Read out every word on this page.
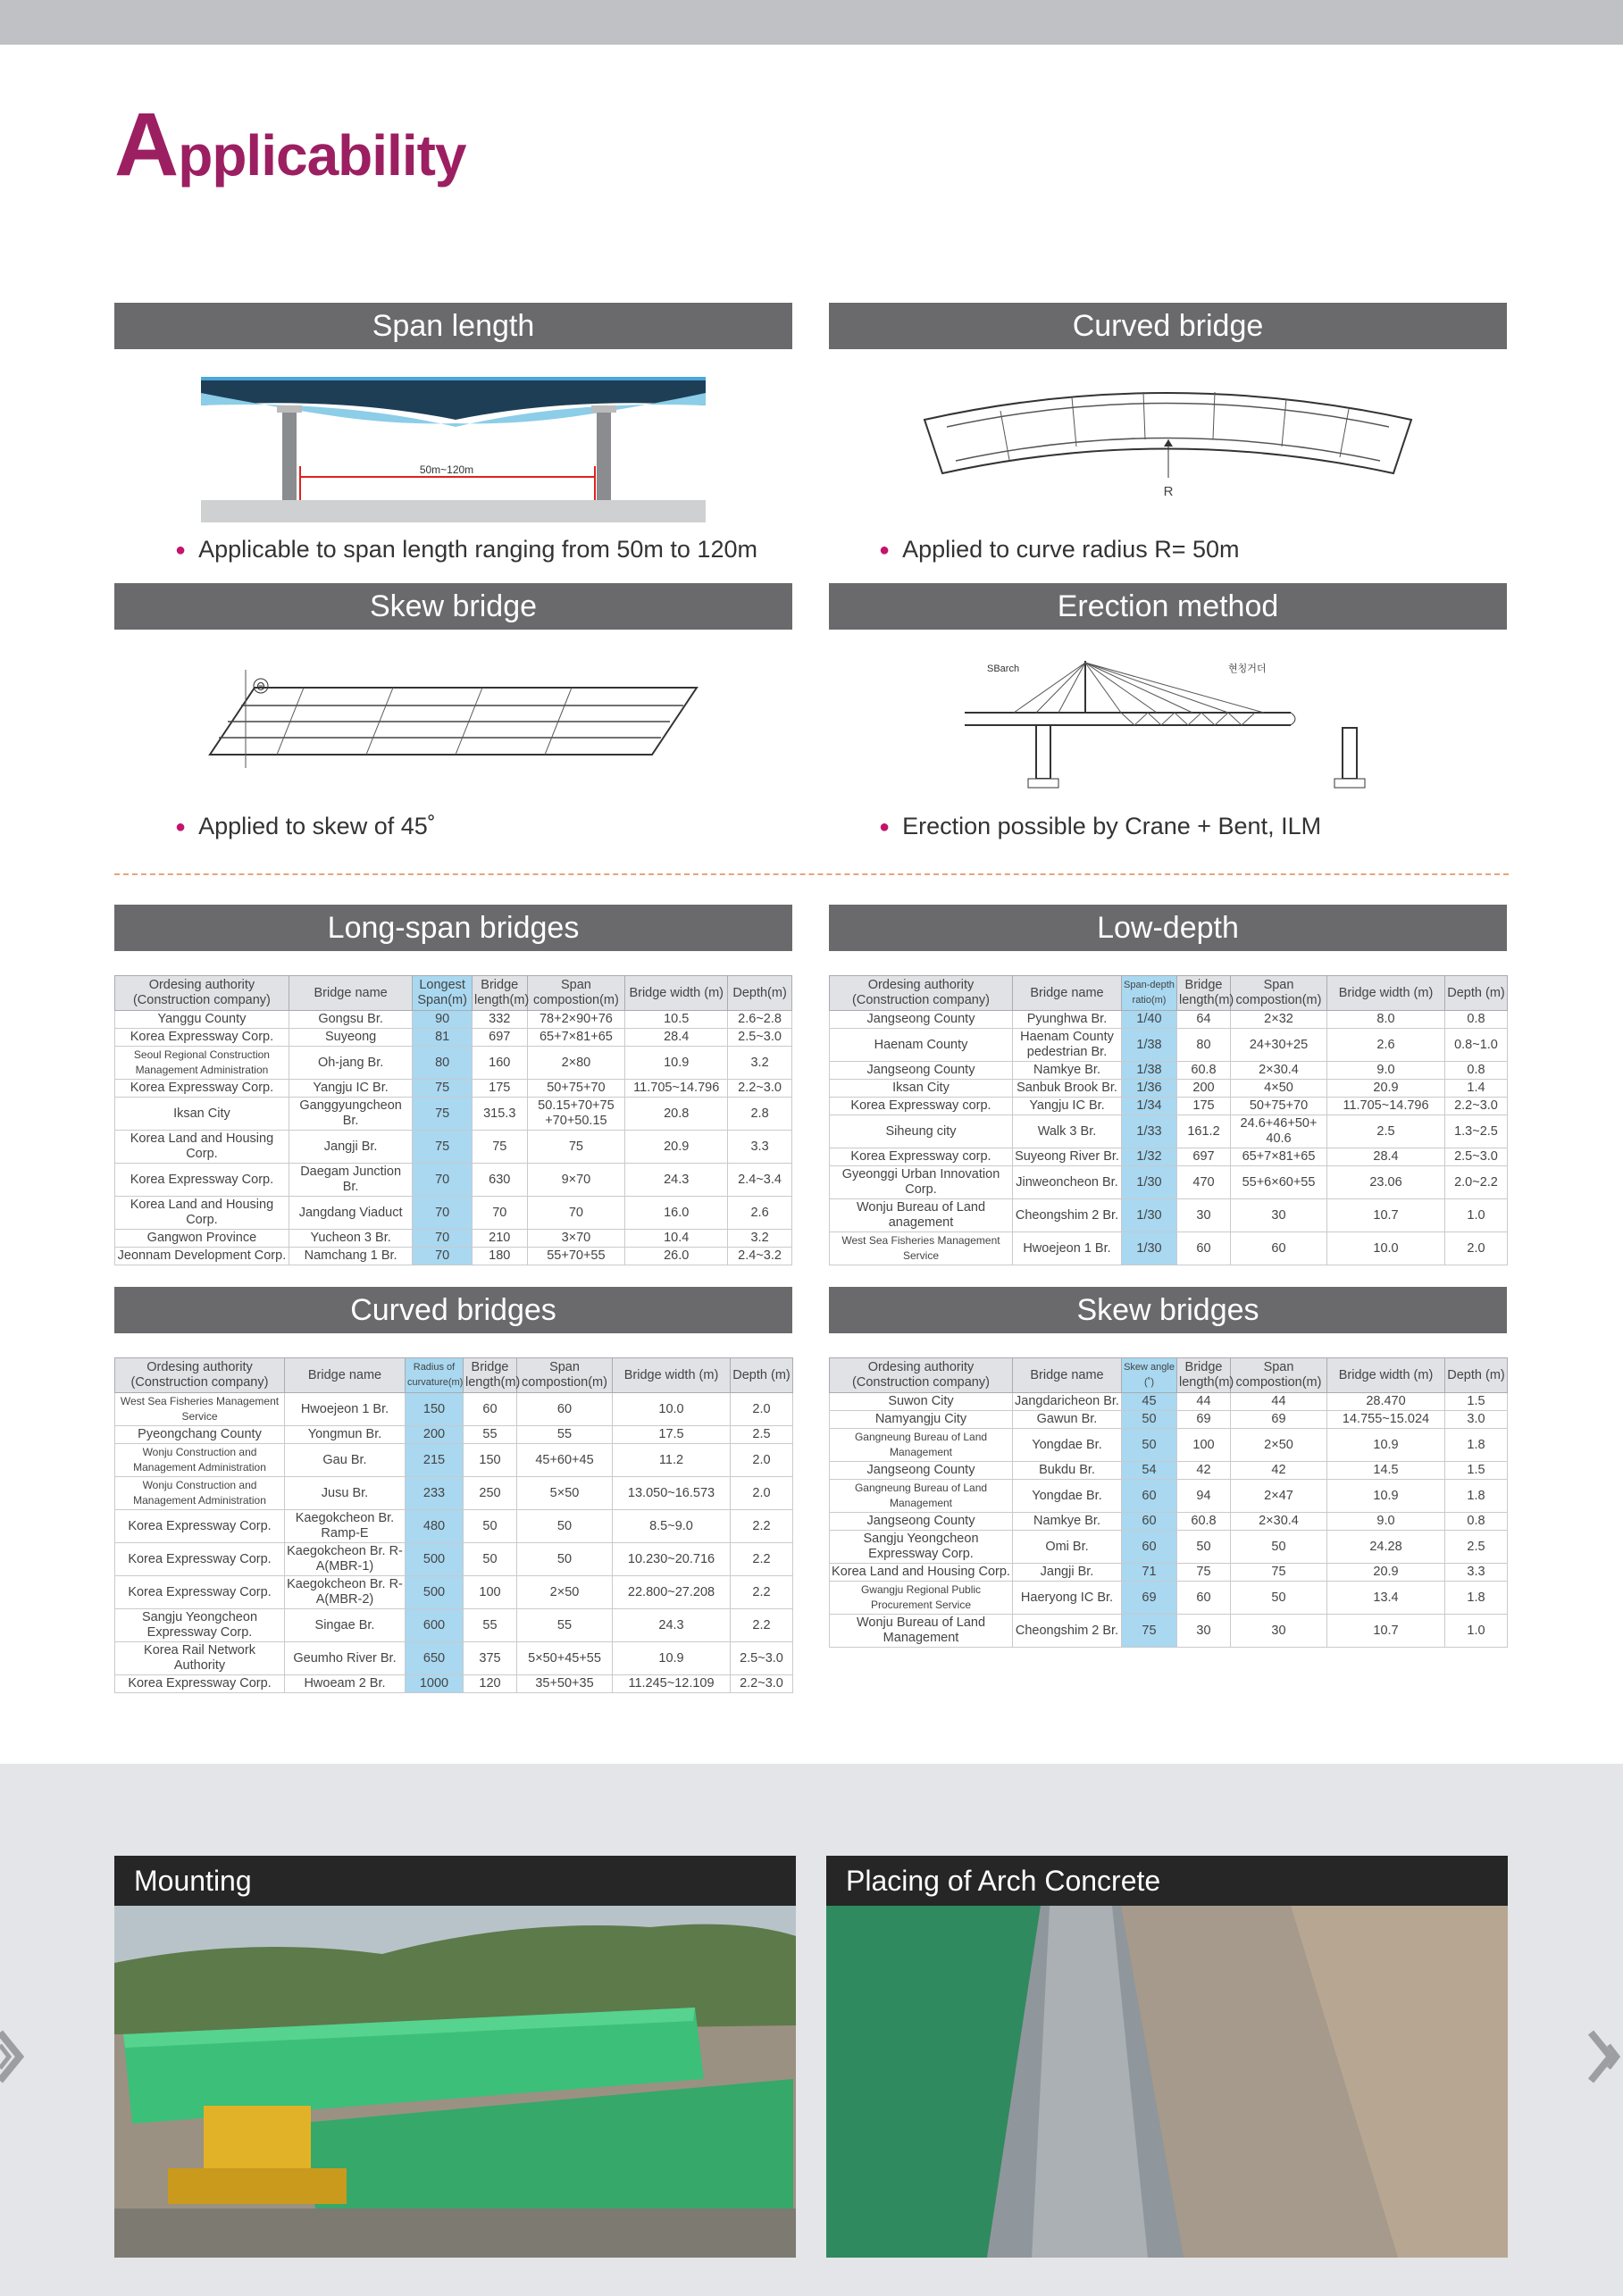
Applicability
Span length
50m~120m
● Applicable to span length ranging from 50m to 120m
Curved bridge
R
● Applied to curve radius R= 50m
Skew bridge
Θ
● Applied to skew of 45˚
Erection method
SBarch	현칭거더
● Erection possible by Crane + Bent, ILM
Long-span bridges
Ordesing authority (Construction company)	Bridge name	Longest Span(m)	Bridge length(m)	Span compostion(m)	Bridge width (m)	Depth(m)
Yanggu County	Gongsu Br.	90	332	78+2×90+76	10.5	2.6~2.8
Korea Expressway Corp.	Suyeong	81	697	65+7×81+65	28.4	2.5~3.0
Seoul Regional Construction Management Administration	Oh-jang Br.	80	160	2×80	10.9	3.2
Korea Expressway Corp.	Yangju IC Br.	75	175	50+75+70	11.705~14.796	2.2~3.0
Iksan City	Ganggyungcheon Br.	75	315.3	50.15+70+75 +70+50.15	20.8	2.8
Korea Land and Housing Corp.	Jangji Br.	75	75	75	20.9	3.3
Korea Expressway Corp.	Daegam Junction Br.	70	630	9×70	24.3	2.4~3.4
Korea Land and Housing Corp.	Jangdang Viaduct	70	70	70	16.0	2.6
Gangwon Province	Yucheon 3 Br.	70	210	3×70	10.4	3.2
Jeonnam Development Corp.	Namchang 1 Br.	70	180	55+70+55	26.0	2.4~3.2
Low-depth
Ordesing authority (Construction company)	Bridge name	Span-depth ratio(m)	Bridge length(m)	Span compostion(m)	Bridge width (m)	Depth (m)
Jangseong County	Pyunghwa Br.	1/40	64	2×32	8.0	0.8
Haenam County	Haenam County pedestrian Br.	1/38	80	24+30+25	2.6	0.8~1.0
Jangseong County	Namkye Br.	1/38	60.8	2×30.4	9.0	0.8
Iksan City	Sanbuk Brook Br.	1/36	200	4×50	20.9	1.4
Korea Expressway corp.	Yangju IC Br.	1/34	175	50+75+70	11.705~14.796	2.2~3.0
Siheung city	Walk 3 Br.	1/33	161.2	24.6+46+50+ 40.6	2.5	1.3~2.5
Korea Expressway corp.	Suyeong River Br.	1/32	697	65+7×81+65	28.4	2.5~3.0
Gyeonggi Urban Innovation Corp.	Jinweoncheon Br.	1/30	470	55+6×60+55	23.06	2.0~2.2
Wonju Bureau of Land anagement	Cheongshim 2 Br.	1/30	30	30	10.7	1.0
West Sea Fisheries Management Service	Hwoejeon 1 Br.	1/30	60	60	10.0	2.0
Curved bridges
Ordesing authority (Construction company)	Bridge name	Radius of curvature(m)	Bridge length(m)	Span compostion(m)	Bridge width (m)	Depth (m)
West Sea Fisheries Management Service	Hwoejeon 1 Br.	150	60	60	10.0	2.0
Pyeongchang County	Yongmun Br.	200	55	55	17.5	2.5
Wonju Construction and Management Administration	Gau Br.	215	150	45+60+45	11.2	2.0
Wonju Construction and Management Administration	Jusu Br.	233	250	5×50	13.050~16.573	2.0
Korea Expressway Corp.	Kaegokcheon Br. Ramp-E	480	50	50	8.5~9.0	2.2
Korea Expressway Corp.	Kaegokcheon Br. R-A(MBR-1)	500	50	50	10.230~20.716	2.2
Korea Expressway Corp.	Kaegokcheon Br. R-A(MBR-2)	500	100	2×50	22.800~27.208	2.2
Sangju Yeongcheon Expressway Corp.	Singae Br.	600	55	55	24.3	2.2
Korea Rail Network Authority	Geumho River Br.	650	375	5×50+45+55	10.9	2.5~3.0
Korea Expressway Corp.	Hwoeam 2 Br.	1000	120	35+50+35	11.245~12.109	2.2~3.0
Skew bridges
Ordesing authority (Construction company)	Bridge name	Skew angle (˚)	Bridge length(m)	Span compostion(m)	Bridge width (m)	Depth (m)
Suwon City	Jangdaricheon Br.	45	44	44	28.470	1.5
Namyangju City	Gawun Br.	50	69	69	14.755~15.024	3.0
Gangneung Bureau of Land Management	Yongdae Br.	50	100	2×50	10.9	1.8
Jangseong County	Bukdu Br.	54	42	42	14.5	1.5
Gangneung Bureau of Land Management	Yongdae Br.	60	94	2×47	10.9	1.8
Jangseong County	Namkye Br.	60	60.8	2×30.4	9.0	0.8
Sangju Yeongcheon Expressway Corp.	Omi Br.	60	50	50	24.28	2.5
Korea Land and Housing Corp.	Jangji Br.	71	75	75	20.9	3.3
Gwangju Regional Public Procurement Service	Haeryong IC Br.	69	60	50	13.4	1.8
Wonju Bureau of Land Management	Cheongshim 2 Br.	75	30	30	10.7	1.0
Mounting	Placing of Arch Concrete
